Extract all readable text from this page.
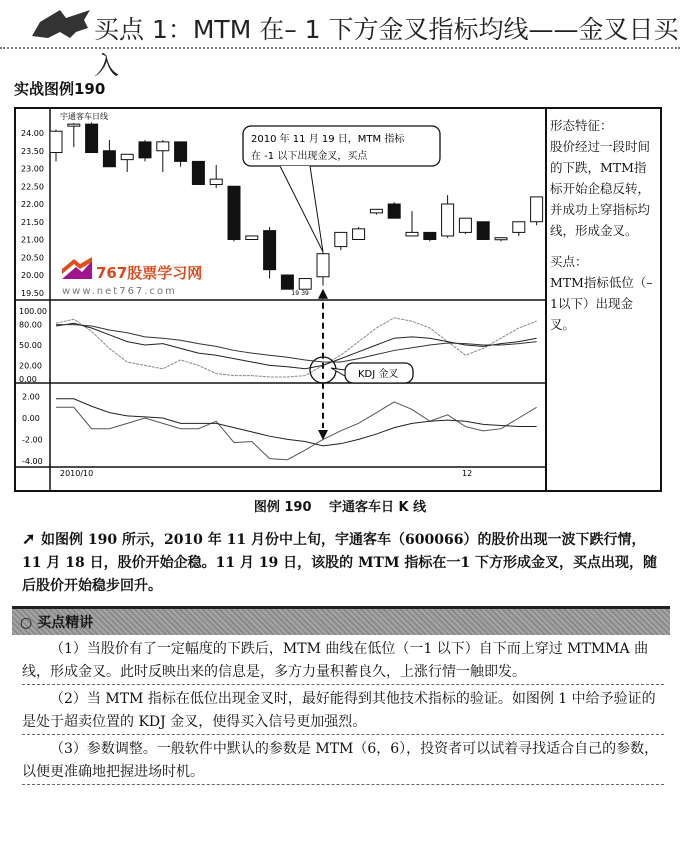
买点 1：MTM 在– 1 下方金叉指标均线——金叉日买入
实战图例190
24.00
23.50
23.00
22.50
22.00
21.50
21.00
20.50
20.00
19.50
100.00
80.00
50.00
20.00
0.00
2.00
0.00
-2.00
-4.00
宇通客车日线
2010/10	12
19 39
767股票学习网
www.net767.com
KDJ 金叉
2010 年 11 月 19 日，MTM 指标
在 -1 以下出现金叉，买点

形态特征：

股价经过一段时间的下跌，MTM指标开始企稳反转，并成功上穿指标均线，形成金叉。

买点：

MTM指标低位（–1以下）出现金叉。

图例 190　 宇通客车日 K 线
➚ 如图例 190 所示，2010 年 11 月份中上旬，宇通客车（600066）的股价出现一波下跌行情，11 月 18 日，股价开始企稳。11 月 19 日，该股的 MTM 指标在一1 下方形成金叉，买点出现，随后股价开始稳步回升。
○ 买点精讲
（1）当股价有了一定幅度的下跌后，MTM 曲线在低位（一1 以下）自下而上穿过 MTMMA 曲线，形成金叉。此时反映出来的信息是，多方力量积蓄良久，上涨行情一触即发。
（2）当 MTM 指标在低位出现金叉时，最好能得到其他技术指标的验证。如图例 1 中给予验证的是处于超卖位置的 KDJ 金叉，使得买入信号更加强烈。
（3）参数调整。一般软件中默认的参数是 MTM（6，6），投资者可以试着寻找适合自己的参数，以便更准确地把握进场时机。
